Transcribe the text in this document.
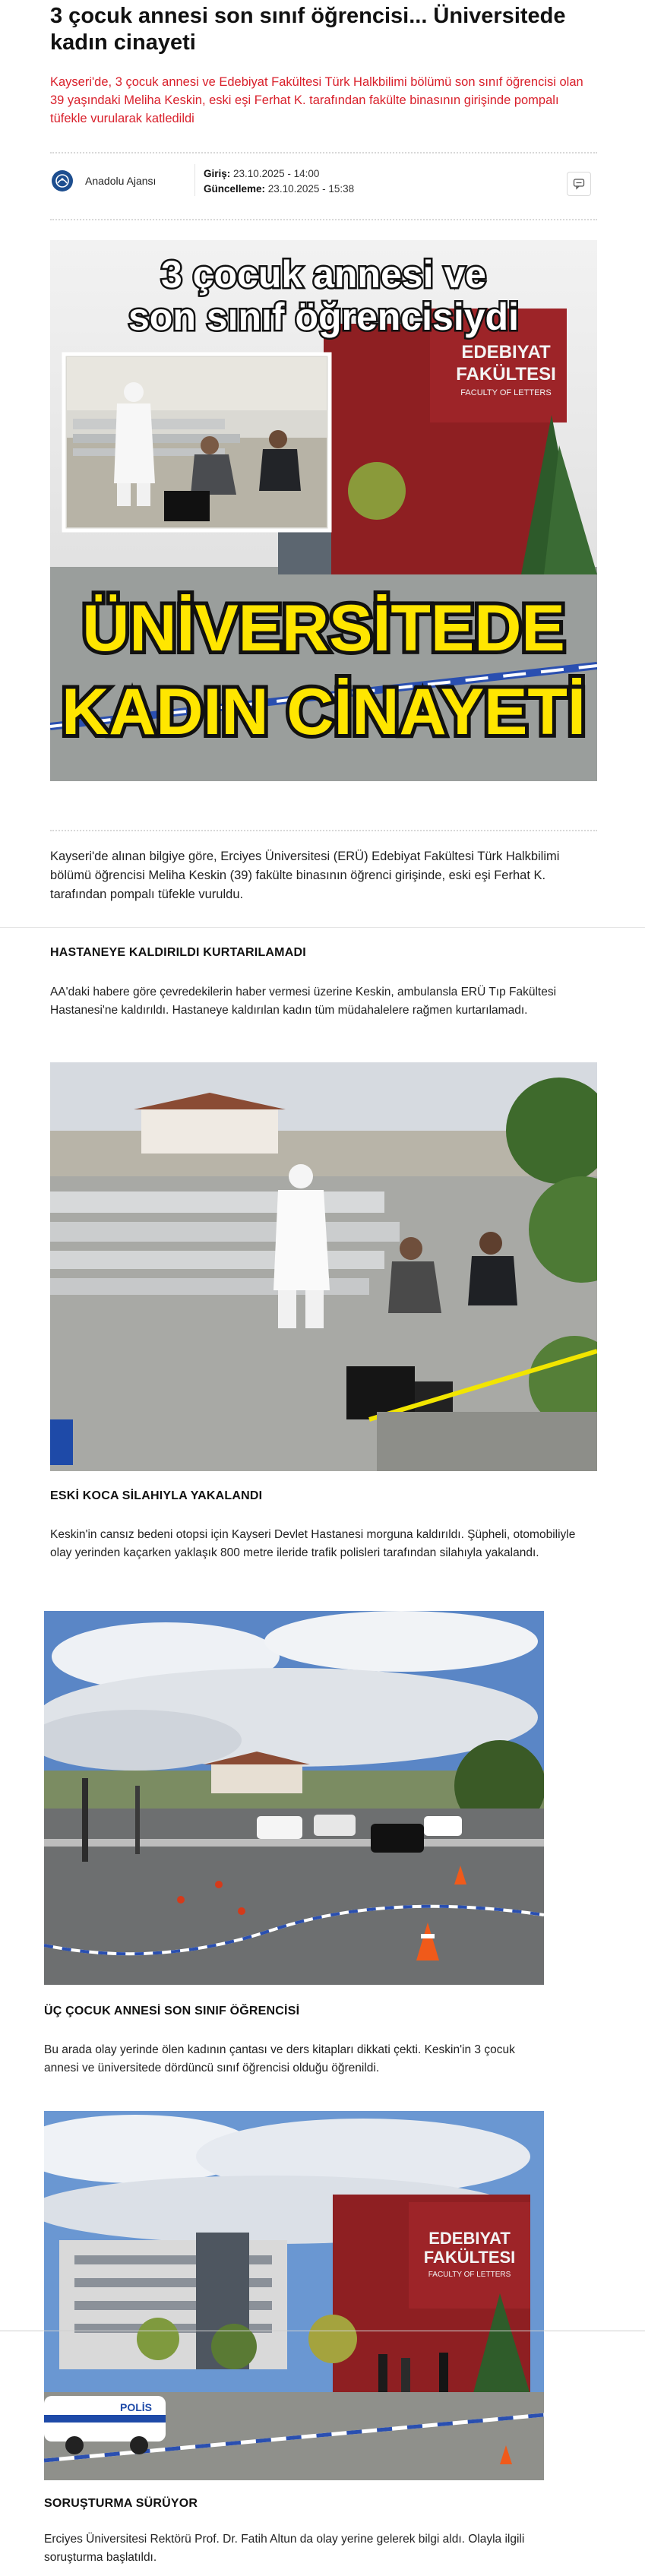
3 çocuk annesi son sınıf öğrencisi... Üniversitede kadın cinayeti
Kayseri'de, 3 çocuk annesi ve Edebiyat Fakültesi Türk Halkbilimi bölümü son sınıf öğrencisi olan 39 yaşındaki Meliha Keskin, eski eşi Ferhat K. tarafından fakülte binasının girişinde pompalı tüfekle vurularak katledildi
Anadolu Ajansı
Giriş: 23.10.2025 - 14:00
Güncelleme: 23.10.2025 - 15:38
EDEBIYAT
FAKÜLTESI
FACULTY OF LETTERS
3 çocuk annesi ve
son sınıf öğrencisiydi
ÜNİVERSİTEDE
KADIN CİNAYETİ
Kayseri'de alınan bilgiye göre, Erciyes Üniversitesi (ERÜ) Edebiyat Fakültesi Türk Halkbilimi bölümü öğrencisi Meliha Keskin (39) fakülte binasının öğrenci girişinde, eski eşi Ferhat K. tarafından pompalı tüfekle vuruldu.
HASTANEYE KALDIRILDI KURTARILAMADI
AA'daki habere göre çevredekilerin haber vermesi üzerine Keskin, ambulansla ERÜ Tıp Fakültesi Hastanesi'ne kaldırıldı. Hastaneye kaldırılan kadın tüm müdahalelere rağmen kurtarılamadı.
ESKİ KOCA SİLAHIYLA YAKALANDI
Keskin'in cansız bedeni otopsi için Kayseri Devlet Hastanesi morguna kaldırıldı. Şüpheli, otomobiliyle olay yerinden kaçarken yaklaşık 800 metre ileride trafik polisleri tarafından silahıyla yakalandı.
ÜÇ ÇOCUK ANNESİ SON SINIF ÖĞRENCİSİ
Bu arada olay yerinde ölen kadının çantası ve ders kitapları dikkati çekti. Keskin'in 3 çocuk annesi ve üniversitede dördüncü sınıf öğrencisi olduğu öğrenildi.
EDEBIYAT
FAKÜLTESI
FACULTY OF LETTERS
POLİS
SORUŞTURMA SÜRÜYOR
Erciyes Üniversitesi Rektörü Prof. Dr. Fatih Altun da olay yerine gelerek bilgi aldı. Olayla ilgili soruşturma başlatıldı.
